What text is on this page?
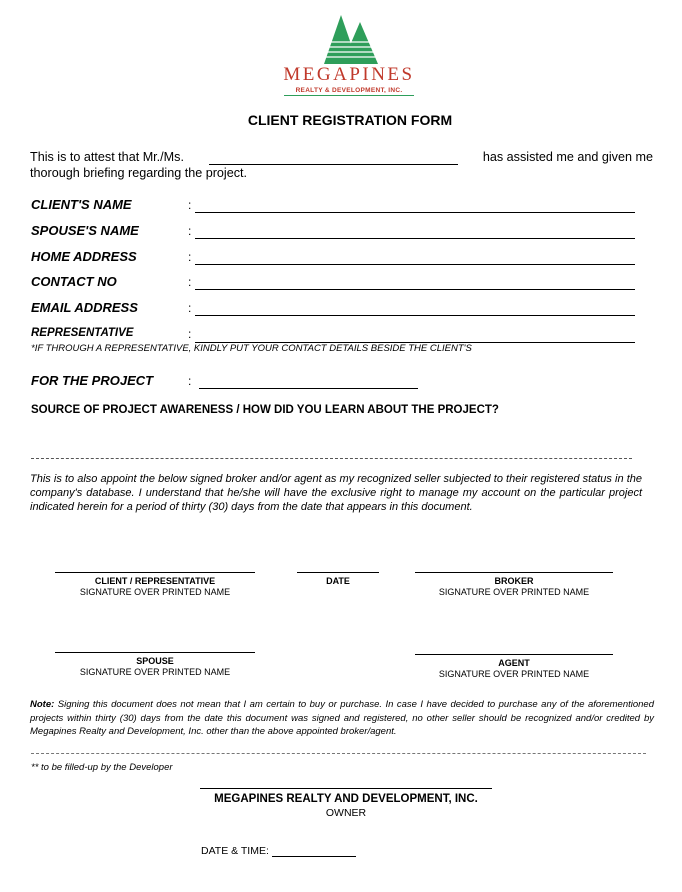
MEGAPINES
REALTY & DEVELOPMENT, INC.
CLIENT REGISTRATION FORM
This is to attest that Mr./Ms.	has assisted me and given me
thorough briefing regarding the project.
CLIENT'S NAME	:
SPOUSE'S NAME	:
HOME ADDRESS	:
CONTACT NO	:
EMAIL ADDRESS	:
REPRESENTATIVE	:
*IF THROUGH A REPRESENTATIVE, KINDLY PUT YOUR CONTACT DETAILS BESIDE THE CLIENT'S
FOR THE PROJECT	:
SOURCE OF PROJECT AWARENESS / HOW DID YOU LEARN ABOUT THE PROJECT?
This is to also appoint the below signed broker and/or agent as my recognized seller subjected to their registered status in the company's database. I understand that he/she will have the exclusive right to manage my account on the particular project indicated herein for a period of thirty (30) days from the date that appears in this document.
CLIENT / REPRESENTATIVE
SIGNATURE OVER PRINTED NAME
DATE	BROKER
SIGNATURE OVER PRINTED NAME
SPOUSE
SIGNATURE OVER PRINTED NAME
AGENT
SIGNATURE OVER PRINTED NAME
Note: Signing this document does not mean that I am certain to buy or purchase. In case I have decided to purchase any of the aforementioned projects within thirty (30) days from the date this document was signed and registered, no other seller should be recognized and/or credited by Megapines Realty and Development, Inc. other than the above appointed broker/agent.
** to be filled-up by the Developer
MEGAPINES REALTY AND DEVELOPMENT, INC.
OWNER
DATE & TIME:
